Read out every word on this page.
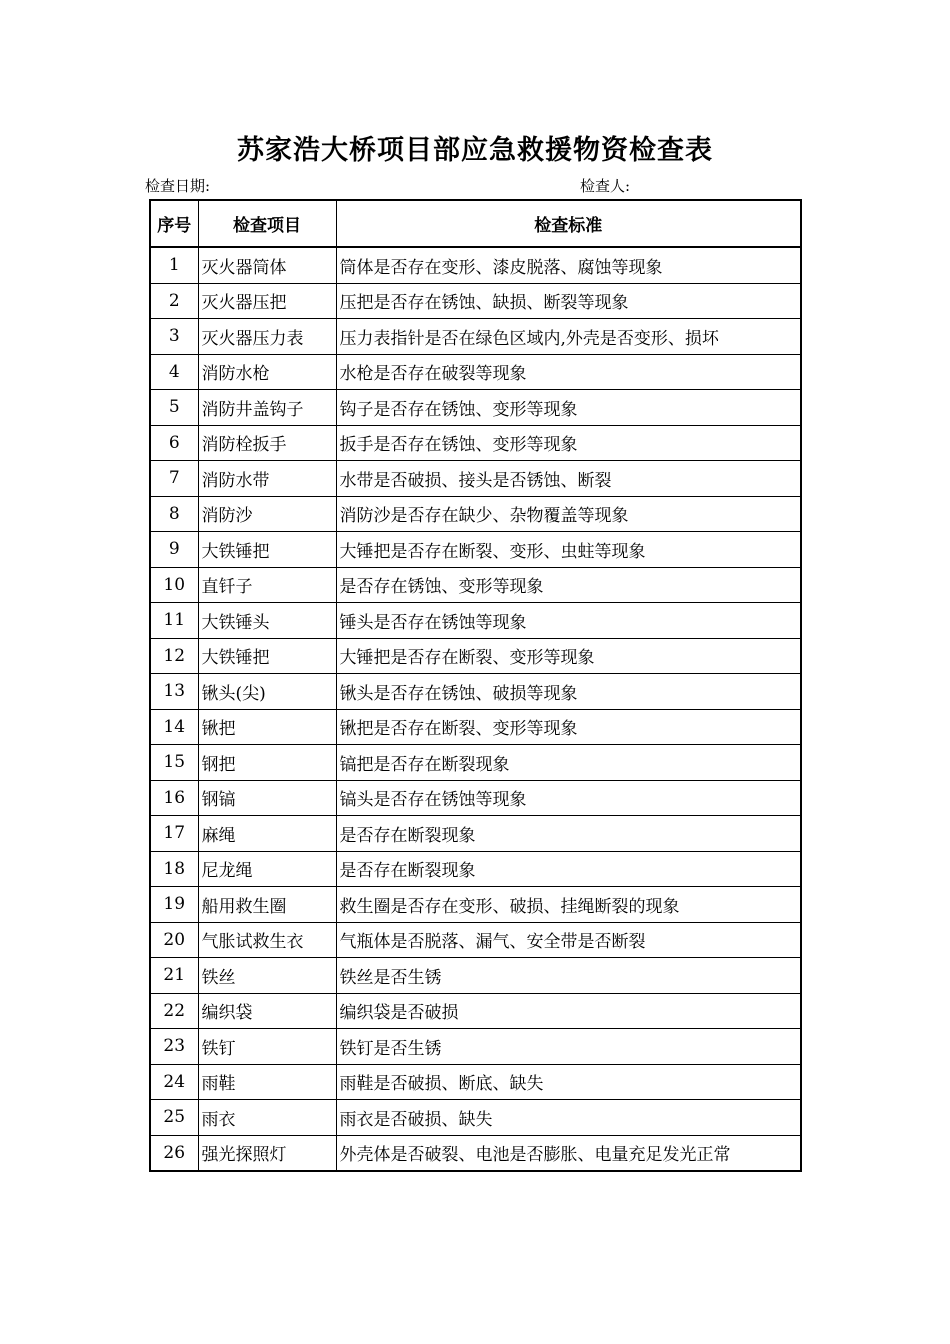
苏家浩大桥项目部应急救援物资检查表
检查日期:	检查人:
序号	检查项目	检查标准
1	灭火器筒体	筒体是否存在变形、漆皮脱落、腐蚀等现象
2	灭火器压把	压把是否存在锈蚀、缺损、断裂等现象
3	灭火器压力表	压力表指针是否在绿色区域内,外壳是否变形、损坏
4	消防水枪	水枪是否存在破裂等现象
5	消防井盖钩子	钩子是否存在锈蚀、变形等现象
6	消防栓扳手	扳手是否存在锈蚀、变形等现象
7	消防水带	水带是否破损、接头是否锈蚀、断裂
8	消防沙	消防沙是否存在缺少、杂物覆盖等现象
9	大铁锤把	大锤把是否存在断裂、变形、虫蛀等现象
10	直钎子	是否存在锈蚀、变形等现象
11	大铁锤头	锤头是否存在锈蚀等现象
12	大铁锤把	大锤把是否存在断裂、变形等现象
13	锹头(尖)	锹头是否存在锈蚀、破损等现象
14	锹把	锹把是否存在断裂、变形等现象
15	钢把	镐把是否存在断裂现象
16	钢镐	镐头是否存在锈蚀等现象
17	麻绳	是否存在断裂现象
18	尼龙绳	是否存在断裂现象
19	船用救生圈	救生圈是否存在变形、破损、挂绳断裂的现象
20	气胀试救生衣	气瓶体是否脱落、漏气、安全带是否断裂
21	铁丝	铁丝是否生锈
22	编织袋	编织袋是否破损
23	铁钉	铁钉是否生锈
24	雨鞋	雨鞋是否破损、断底、缺失
25	雨衣	雨衣是否破损、缺失
26	强光探照灯	外壳体是否破裂、电池是否膨胀、电量充足发光正常
